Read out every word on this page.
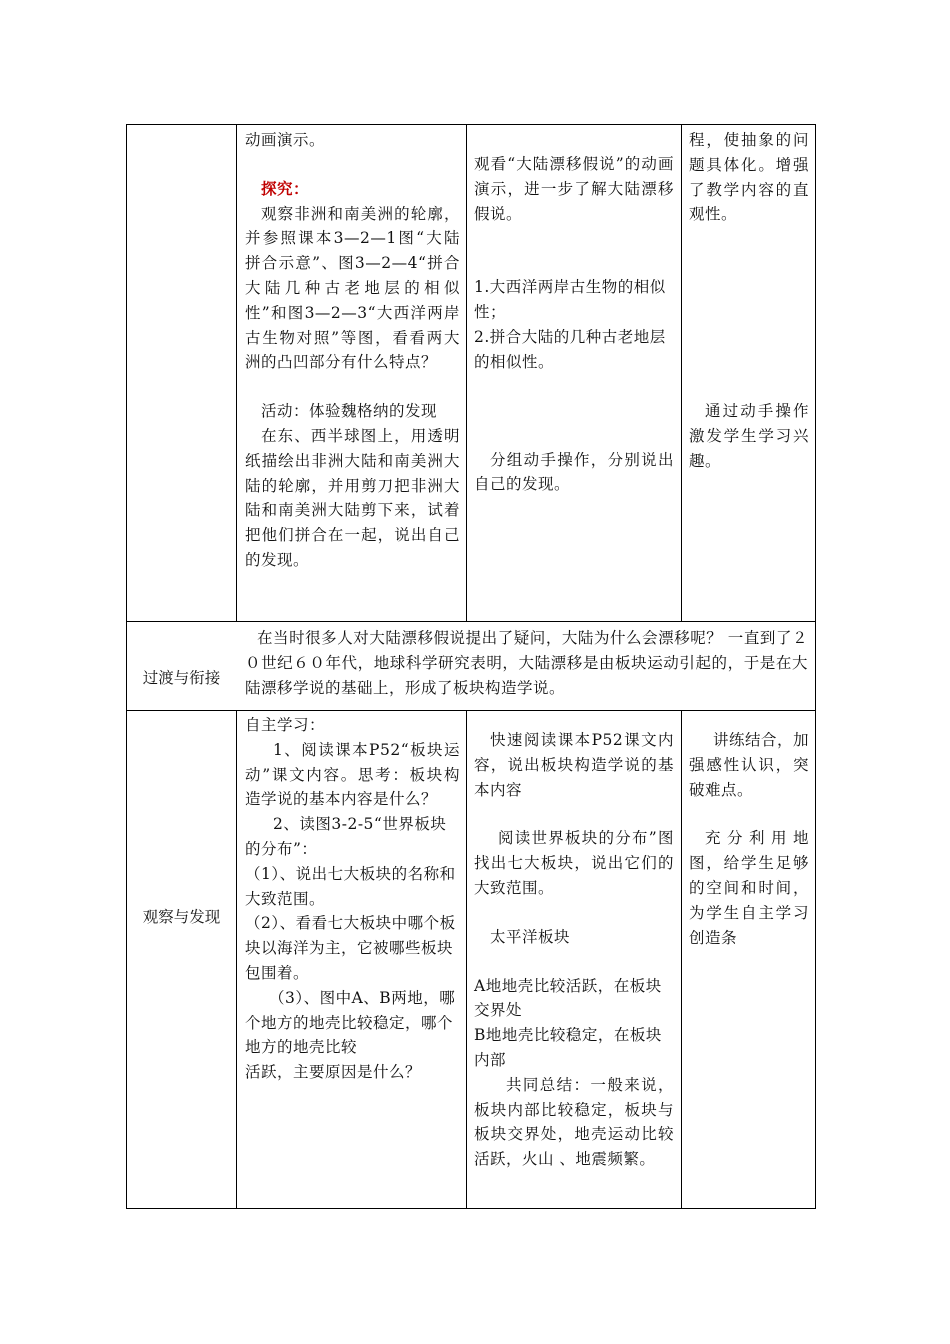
动画演示。

探究：

观察非洲和南美洲的轮廓，并参照课本3—2—1图“大陆拼合示意”、图3—2—4“拼合大陆几种古老地层的相似性”和图3—2—3“大西洋两岸古生物对照”等图，看看两大洲的凸凹部分有什么特点？

活动：体验魏格纳的发现

在东、西半球图上，用透明纸描绘出非洲大陆和南美洲大陆的轮廓，并用剪刀把非洲大陆和南美洲大陆剪下来，试着把他们拼合在一起，说出自己的发现。

观看“大陆漂移假说”的动画演示，进一步了解大陆漂移假说。

1.大西洋两岸古生物的相似性；

2.拼合大陆的几种古老地层的相似性。

分组动手操作，分别说出自己的发现。

程，使抽象的问题具体化。增强了教学内容的直观性。

通过动手操作激发学生学习兴趣。

过渡与衔接

在当时很多人对大陆漂移假说提出了疑问，大陆为什么会漂移呢？ 一直到了２０世纪６０年代，地球科学研究表明，大陆漂移是由板块运动引起的，于是在大陆漂移学说的基础上，形成了板块构造学说。

观察与发现

自主学习：

1、阅读课本P52“板块运动”课文内容。思考：板块构造学说的基本内容是什么？

2、读图3-2-5“世界板块的分布”：

（1）、说出七大板块的名称和大致范围。

（2）、看看七大板块中哪个板块以海洋为主，它被哪些板块包围着。

（3）、图中A、B两地，哪个地方的地壳比较稳定，哪个地方的地壳比较

活跃，主要原因是什么？

快速阅读课本P52课文内容，说出板块构造学说的基本内容

阅读世界板块的分布”图找出七大板块，说出它们的大致范围。

太平洋板块

A地地壳比较活跃，在板块交界处

B地地壳比较稳定，在板块内部

共同总结：一般来说，板块内部比较稳定，板块与板块交界处，地壳运动比较活跃，火山 、地震频繁。

讲练结合，加强感性认识，突破难点。

充分利用地图，给学生足够的空间和时间，为学生自主学习创造条
